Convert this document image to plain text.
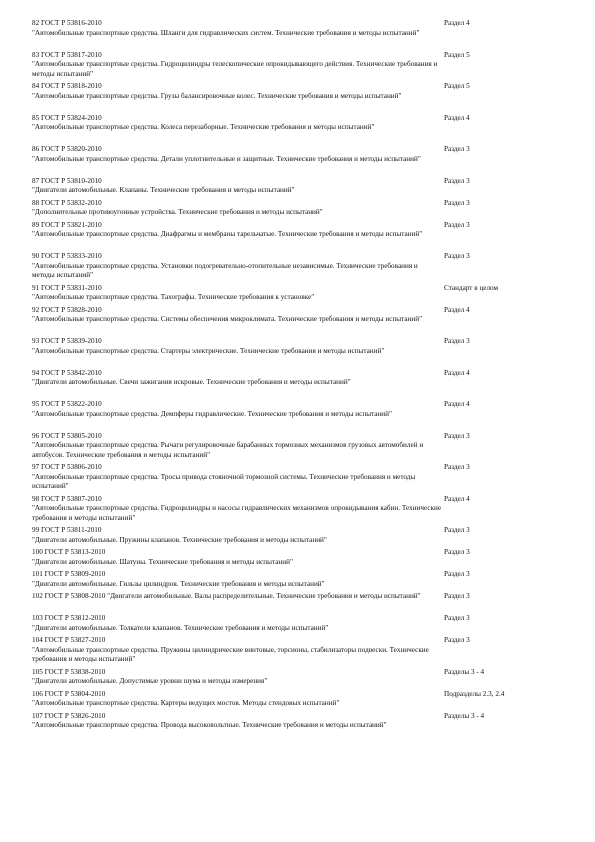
82 ГОСТ Р 53816-2010
"Автомобильные транспортные средства. Шланги для гидравлических систем. Технические требования и методы испытаний"
Раздел 4
83 ГОСТ Р 53817-2010
"Автомобильные транспортные средства. Гидроцилиндры телескопические опрокидывающего действия. Технические требования и методы испытаний"
Раздел 5
84 ГОСТ Р 53818-2010
"Автомобильные транспортные средства. Грузы балансировочные колес. Технические требования и методы испытаний"
Раздел 5
85 ГОСТ Р 53824-2010
"Автомобильные транспортные средства. Колеса перезаборные. Технические требования и методы испытаний"
Раздел 4
86 ГОСТ Р 53820-2010
"Автомобильные транспортные средства. Детали уплотнительные и защитные. Технические требования и методы испытаний"
Раздел 3
87 ГОСТ Р 53810-2010
"Двигатели автомобильные. Клапаны. Технические требования и методы испытаний"
Раздел 3
88 ГОСТ Р 53832-2010
"Дополнительные противоугонные устройства. Технические требования и методы испытаний"
Раздел 3
89 ГОСТ Р 53821-2010
"Автомобильные транспортные средства. Диафрагмы и мембраны тарельчатые. Технические требования и методы испытаний"
Раздел 3
90 ГОСТ Р 53833-2010
"Автомобильные транспортные средства. Установки подогревательно-отопительные независимые. Технические требования и методы испытаний"
Раздел 3
91 ГОСТ Р 53831-2010
"Автомобильные транспортные средства. Тахографы. Технические требования к установке"
Стандарт в целом
92 ГОСТ Р 53828-2010
"Автомобильные транспортные средства. Системы обеспечения микроклимата. Технические требования и методы испытаний"
Раздел 4
93 ГОСТ Р 53839-2010
"Автомобильные транспортные средства. Стартеры электрические. Технические требования и методы испытаний"
Раздел 3
94 ГОСТ Р 53842-2010
"Двигатели автомобильные. Свечи зажигания искровые. Технические требования и методы испытаний"
Раздел 4
95 ГОСТ Р 53822-2010
"Автомобильные транспортные средства. Демпферы гидравлические. Технические требования и методы испытаний"
Раздел 4
96 ГОСТ Р 53805-2010
"Автомобильные транспортные средства. Рычаги регулировочные барабанных тормозных механизмов грузовых автомобилей и автобусов. Технические требования и методы испытаний"
Раздел 3
97 ГОСТ Р 53806-2010
"Автомобильные транспортные средства. Тросы привода стояночной тормозной системы. Технические требования и методы испытаний"
Раздел 3
98 ГОСТ Р 53807-2010
"Автомобильные транспортные средства. Гидроцилиндры и насосы гидравлических механизмов опрокидывания кабин. Технические требования и методы испытаний"
Раздел 4
99 ГОСТ Р 53811-2010
"Двигатели автомобильные. Пружины клапанов. Технические требования и методы испытаний"
Раздел 3
100 ГОСТ Р 53813-2010
"Двигатели автомобильные. Шатуны. Технические требования и методы испытаний"
Раздел 3
101 ГОСТ Р 53809-2010
"Двигатели автомобильные. Гильзы цилиндров. Технические требования и методы испытаний"
Раздел 3
102 ГОСТ Р 53808-2010 "Двигатели автомобильные. Валы распределительные. Технические требования и методы испытаний"	Раздел 3
103 ГОСТ Р 53812-2010
"Двигатели автомобильные. Толкатели клапанов. Технические требования и методы испытаний"
Раздел 3
104 ГОСТ Р 53827-2010
"Автомобильные транспортные средства. Пружины цилиндрические винтовые, торсионы, стабилизаторы подвески. Технические требования и методы испытаний"
Раздел 3
105 ГОСТ Р 53838-2010
"Двигатели автомобильные. Допустимые уровни шума и методы измерения"
Разделы 3 - 4
106 ГОСТ Р 53804-2010
"Автомобильные транспортные средства. Картеры ведущих мостов. Методы стендовых испытаний"
Подразделы 2.3, 2.4
107 ГОСТ Р 53826-2010
"Автомобильные транспортные средства. Провода высоковольтные. Технические требования и методы испытаний"
Разделы 3 - 4
